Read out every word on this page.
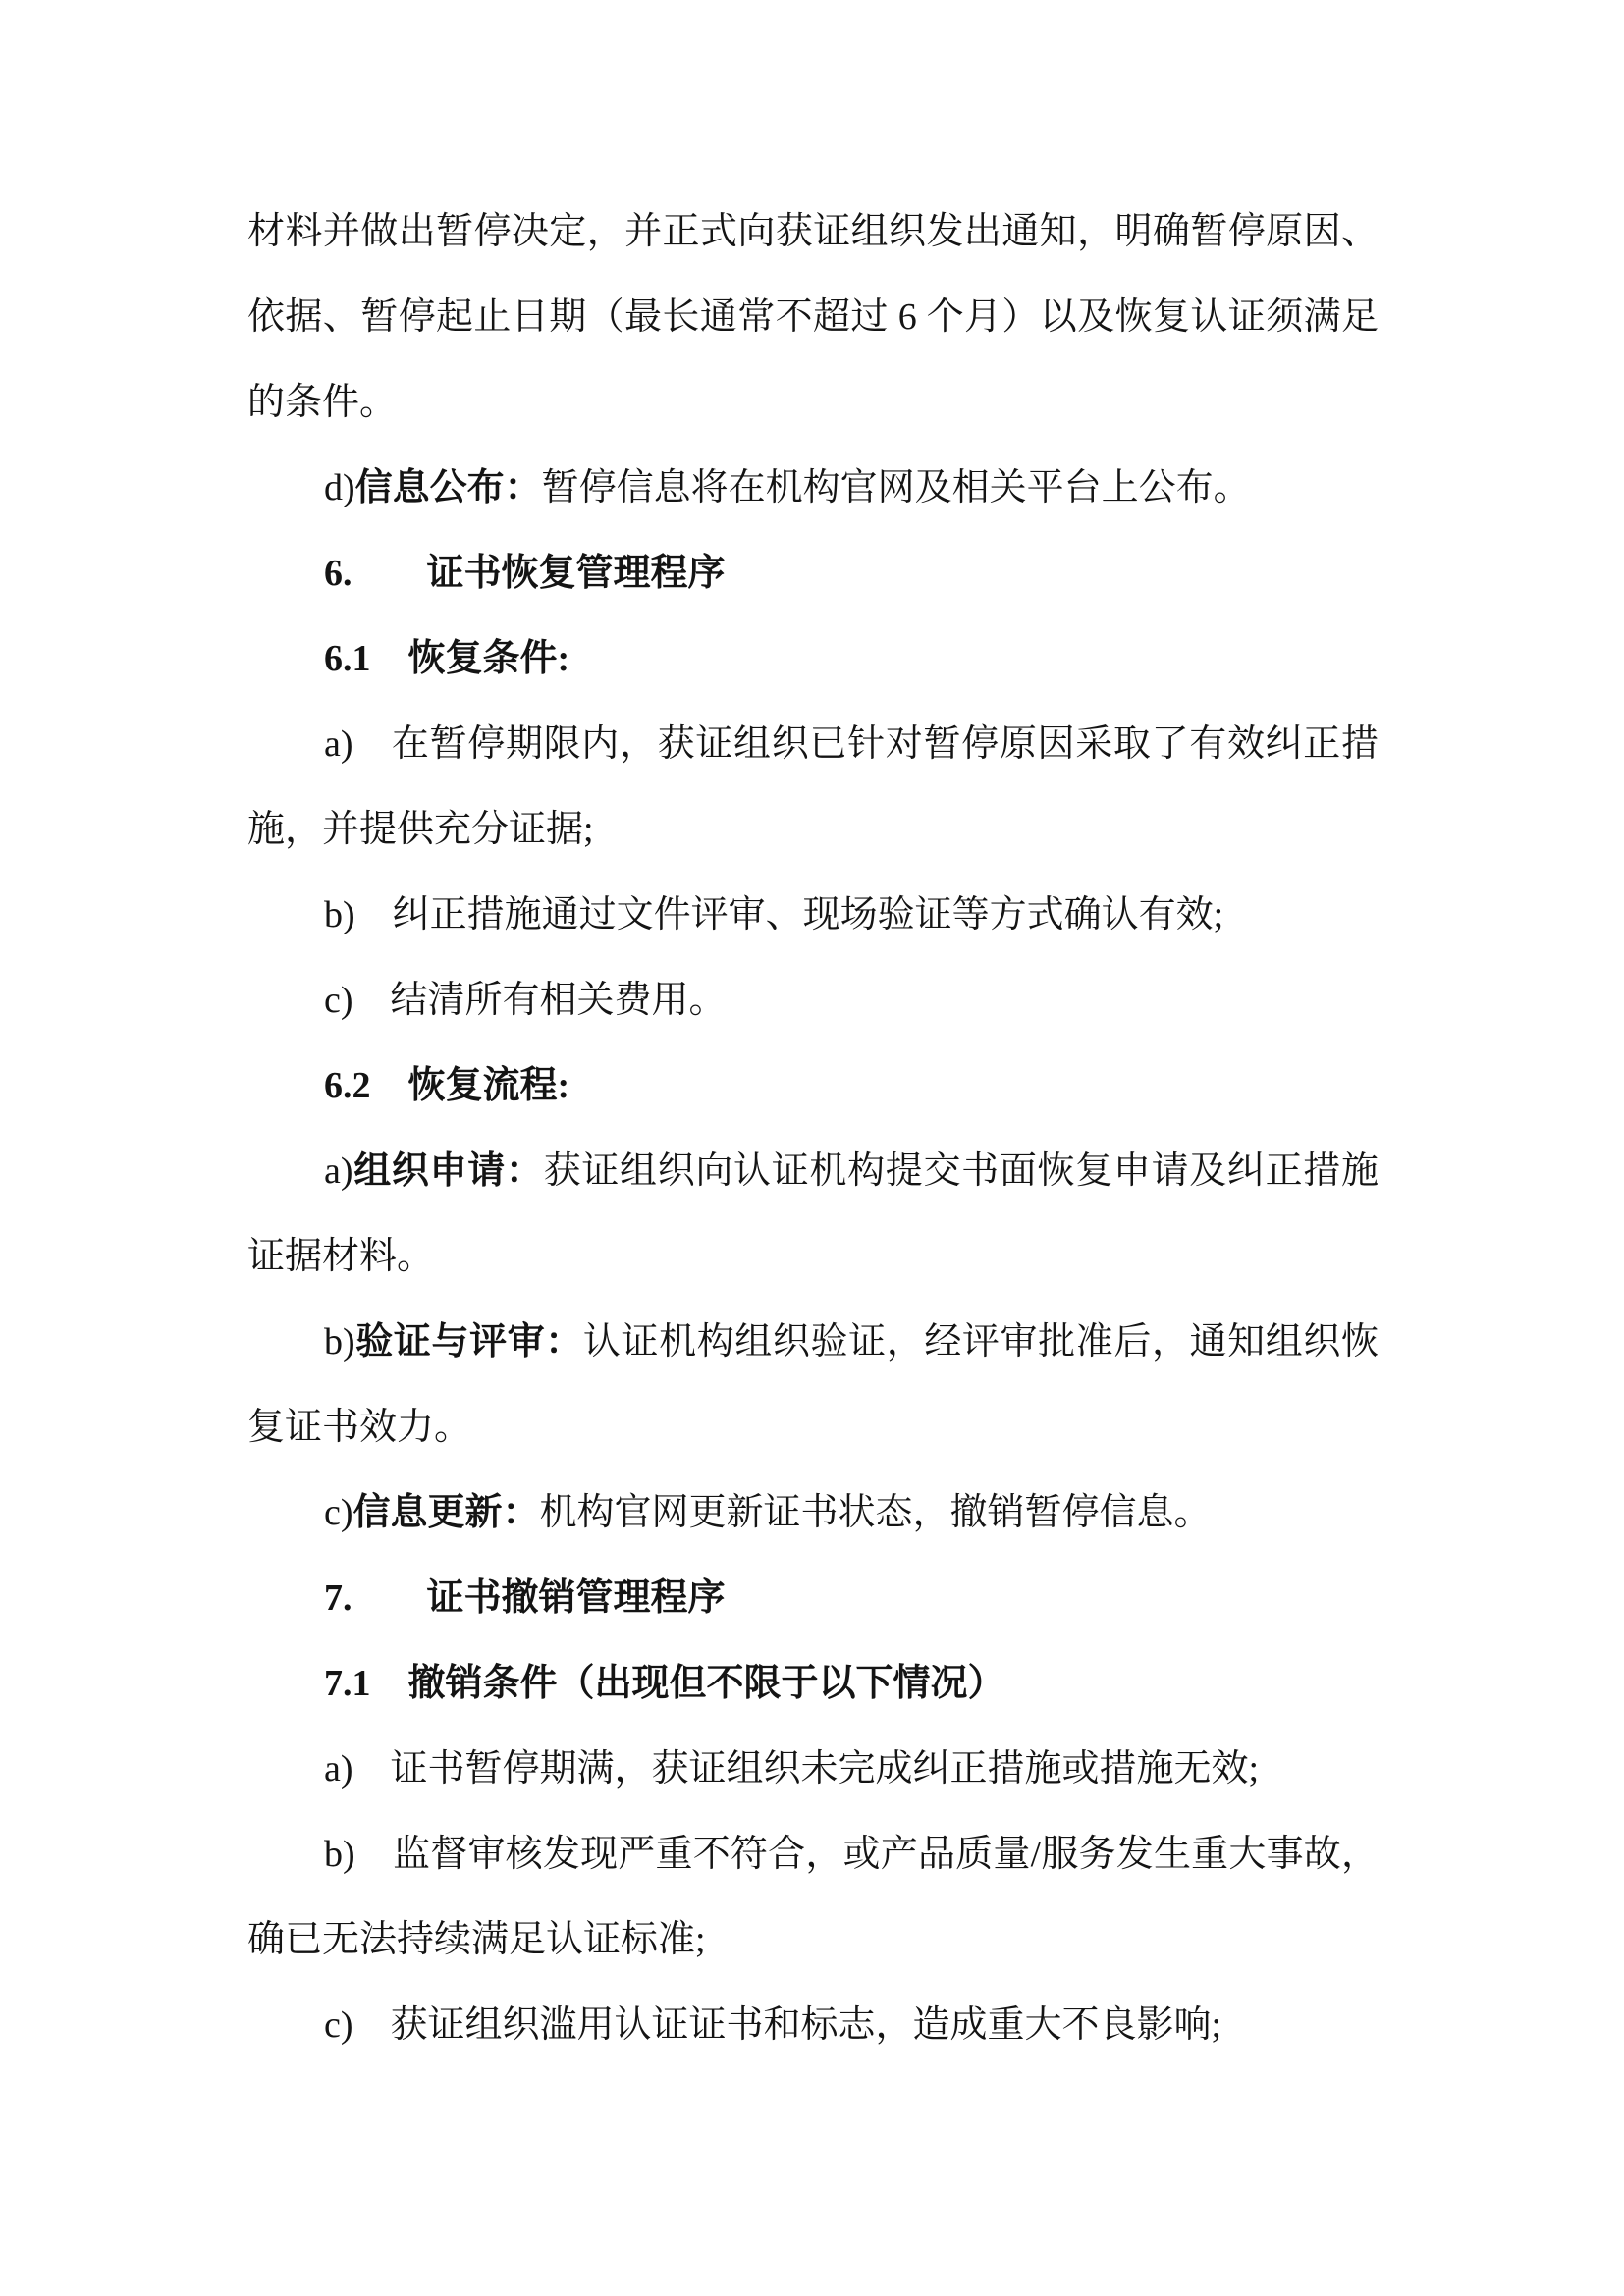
材料并做出暂停决定，并正式向获证组织发出通知，明确暂停原因、
依据、暂停起止日期（最长通常不超过 6 个月）以及恢复认证须满足
的条件。
d)信息公布：暂停信息将在机构官网及相关平台上公布。
6.　　证书恢复管理程序
6.1　恢复条件:
a)　在暂停期限内，获证组织已针对暂停原因采取了有效纠正措
施，并提供充分证据;
b)　纠正措施通过文件评审、现场验证等方式确认有效;
c)　结清所有相关费用。
6.2　恢复流程:
a)组织申请：获证组织向认证机构提交书面恢复申请及纠正措施
证据材料。
b)验证与评审：认证机构组织验证，经评审批准后，通知组织恢
复证书效力。
c)信息更新：机构官网更新证书状态，撤销暂停信息。
7.　　证书撤销管理程序
7.1　撤销条件（出现但不限于以下情况）
a)　证书暂停期满，获证组织未完成纠正措施或措施无效;
b)　监督审核发现严重不符合，或产品质量/服务发生重大事故，
确已无法持续满足认证标准;
c)　获证组织滥用认证证书和标志，造成重大不良影响;
